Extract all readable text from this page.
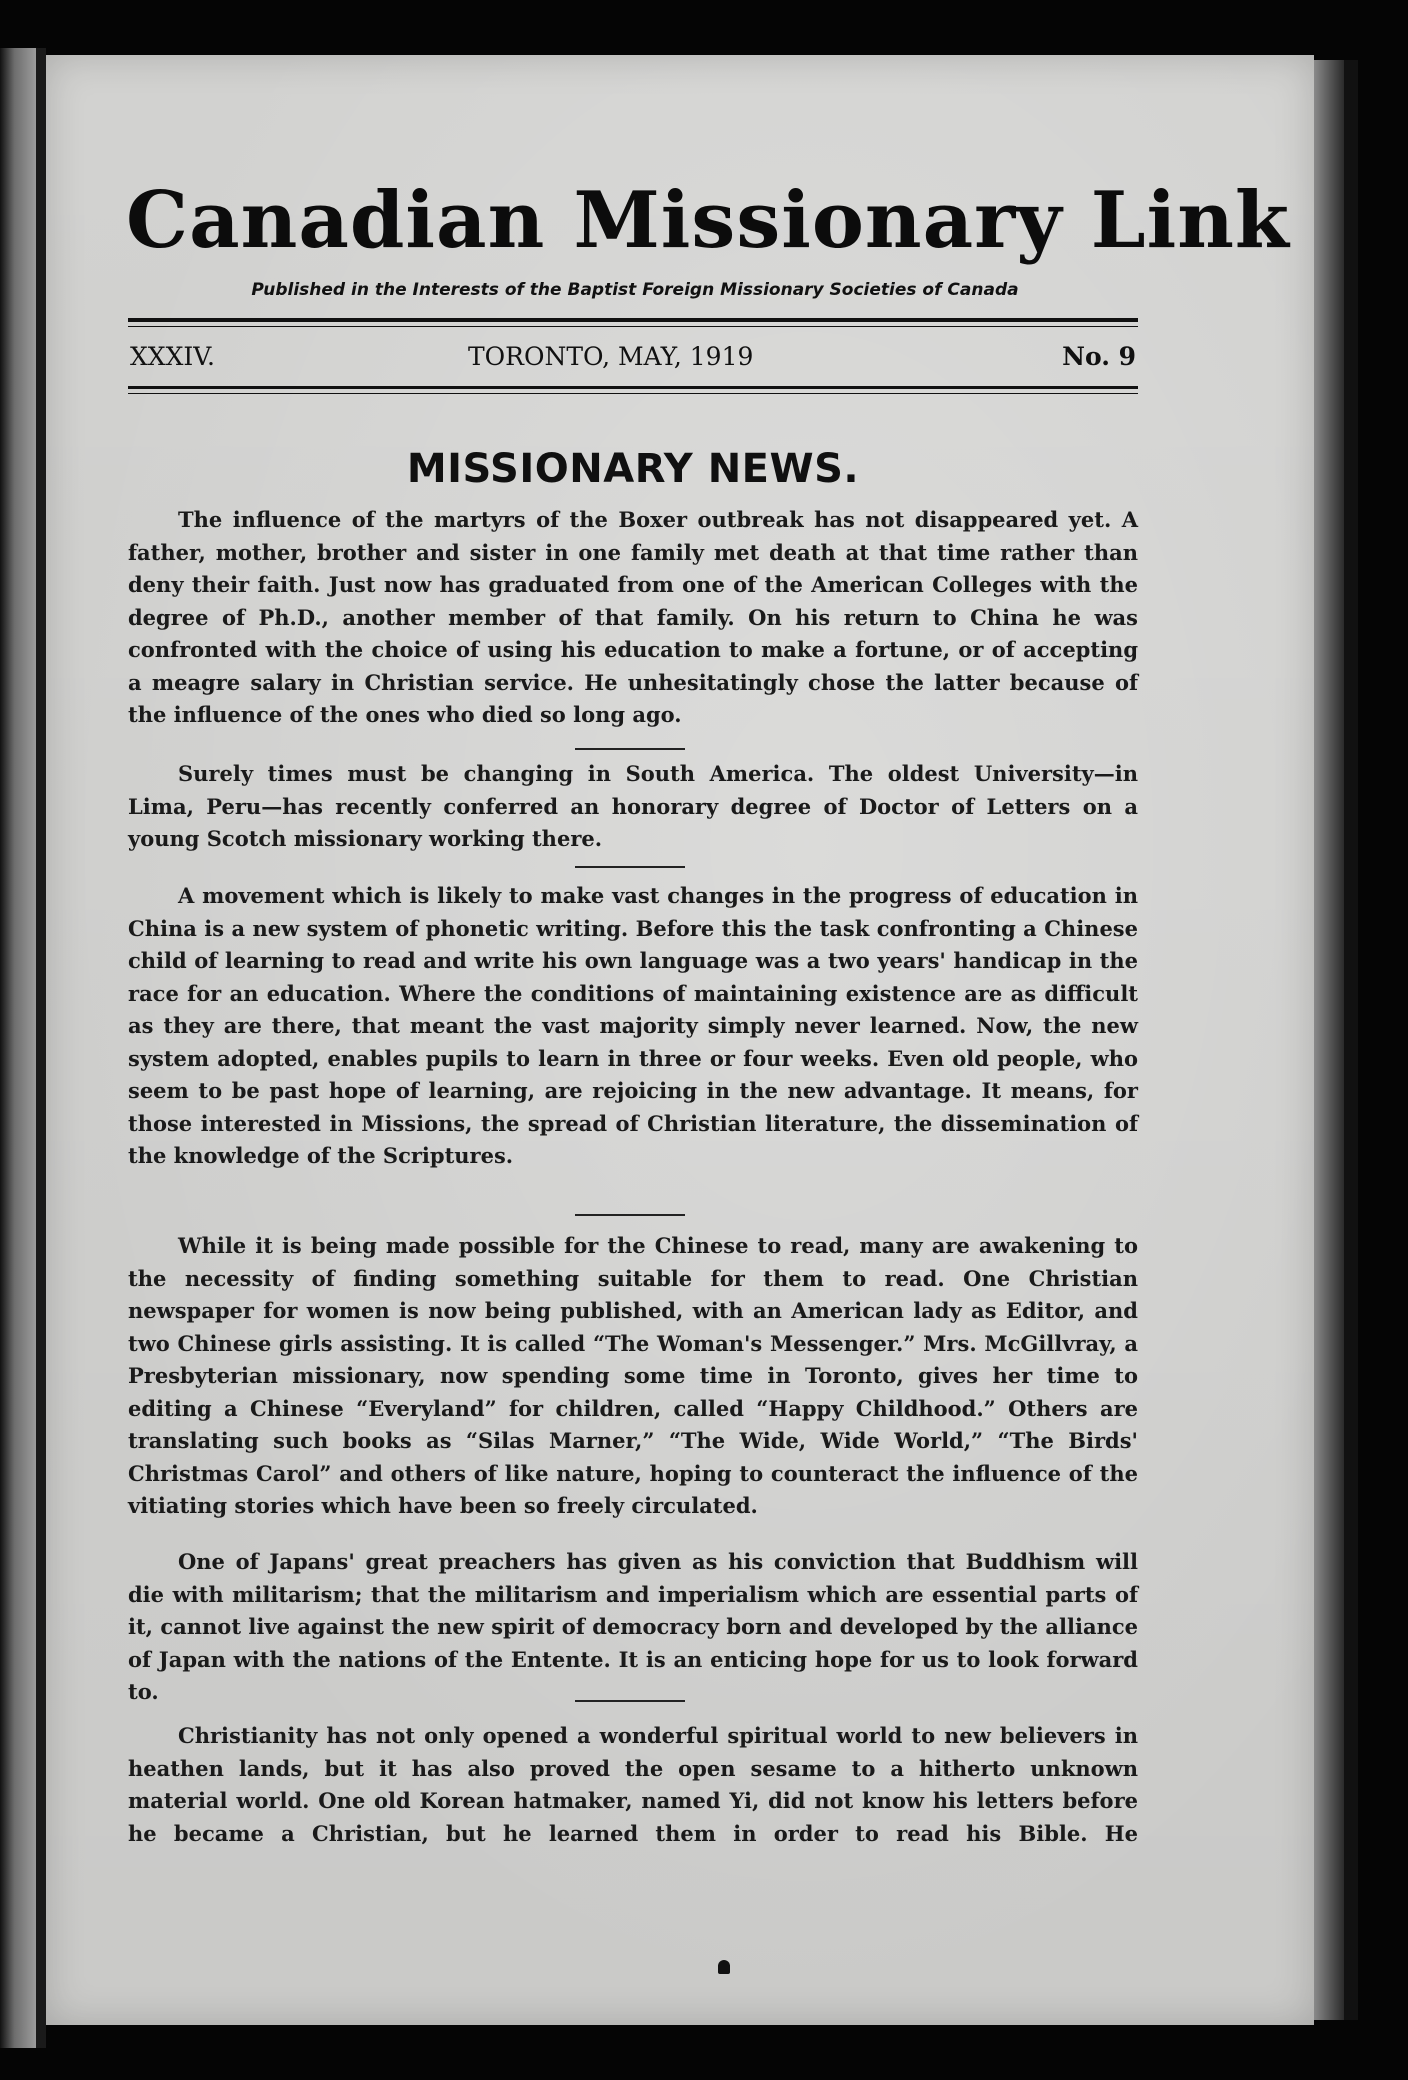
Canadian Missionary Link
Published in the Interests of the Baptist Foreign Missionary Societies of Canada
XXXIV.	TORONTO, MAY, 1919	No. 9
MISSIONARY NEWS.

The influence of the martyrs of the Boxer outbreak has not disappeared yet. A father, mother, brother and sister in one family met death at that time rather than deny their faith. Just now has graduated from one of the American Colleges with the degree of Ph.D., another member of that family. On his return to China he was confronted with the choice of using his education to make a fortune, or of accepting a meagre salary in Christian service. He unhesitatingly chose the latter because of the influence of the ones who died so long ago.

Surely times must be changing in South America. The oldest University—in Lima, Peru—has recently conferred an honorary degree of Doctor of Letters on a young Scotch missionary working there.

A movement which is likely to make vast changes in the progress of education in China is a new system of phonetic writing. Before this the task confronting a Chinese child of learning to read and write his own language was a two years' handicap in the race for an education. Where the conditions of maintaining existence are as difficult as they are there, that meant the vast majority simply never learned. Now, the new system adopted, enables pupils to learn in three or four weeks. Even old people, who seem to be past hope of learning, are rejoicing in the new advantage. It means, for those interested in Missions, the spread of Christian literature, the dissemination of the knowledge of the Scriptures.

While it is being made possible for the Chinese to read, many are awakening to the necessity of finding something suitable for them to read. One Christian newspaper for women is now being published, with an American lady as Editor, and two Chinese girls assisting. It is called “The Woman's Messenger.” Mrs. McGillvray, a Presbyterian missionary, now spending some time in Toronto, gives her time to editing a Chinese “Everyland” for children, called “Happy Childhood.” Others are translating such books as “Silas Marner,” “The Wide, Wide World,” “The Birds' Christmas Carol” and others of like nature, hoping to counteract the influence of the vitiating stories which have been so freely circulated.

One of Japans' great preachers has given as his conviction that Buddhism will die with militarism; that the militarism and imperialism which are essential parts of it, cannot live against the new spirit of democracy born and developed by the alliance of Japan with the nations of the Entente. It is an enticing hope for us to look forward to.

Christianity has not only opened a wonderful spiritual world to new believers in heathen lands, but it has also proved the open sesame to a hitherto unknown material world. One old Korean hatmaker, named Yi, did not know his letters before he became a Christian, but he learned them in order to read his Bible. He
